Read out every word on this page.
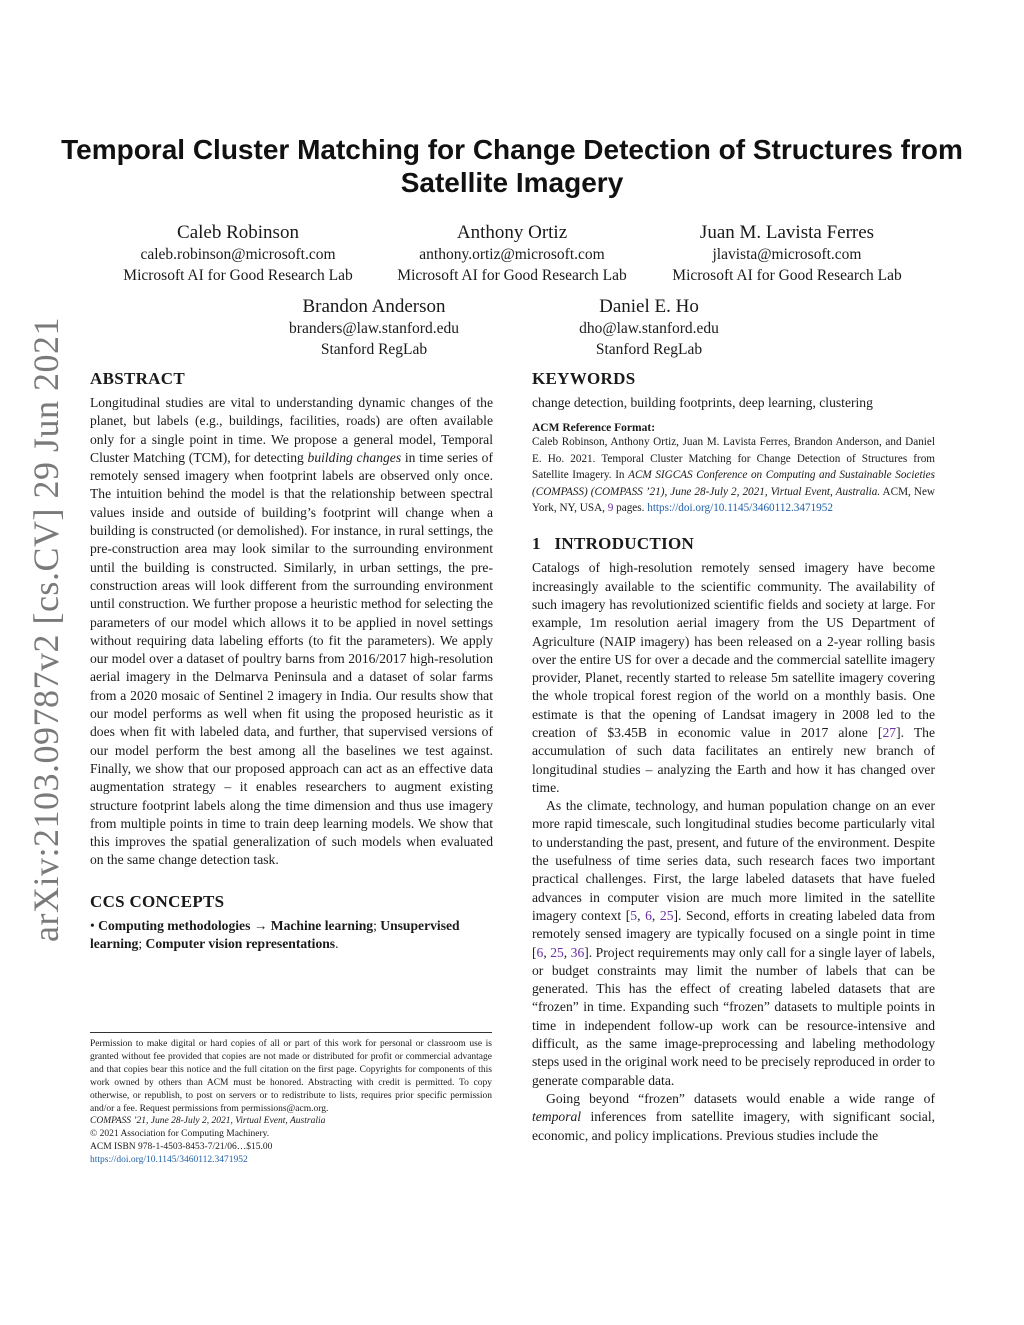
arXiv:2103.09787v2 [cs.CV] 29 Jun 2021
Temporal Cluster Matching for Change Detection of Structures from Satellite Imagery
Caleb Robinson
caleb.robinson@microsoft.com
Microsoft AI for Good Research Lab
Anthony Ortiz
anthony.ortiz@microsoft.com
Microsoft AI for Good Research Lab
Juan M. Lavista Ferres
jlavista@microsoft.com
Microsoft AI for Good Research Lab
Brandon Anderson
branders@law.stanford.edu
Stanford RegLab
Daniel E. Ho
dho@law.stanford.edu
Stanford RegLab
ABSTRACT

Longitudinal studies are vital to understanding dynamic changes of the planet, but labels (e.g., buildings, facilities, roads) are often available only for a single point in time. We propose a general model, Temporal Cluster Matching (TCM), for detecting building changes in time series of remotely sensed imagery when footprint labels are observed only once. The intuition behind the model is that the relationship between spectral values inside and outside of building’s footprint will change when a building is constructed (or demolished). For instance, in rural settings, the pre-construction area may look similar to the surrounding environment until the building is constructed. Similarly, in urban settings, the pre-construction areas will look different from the surrounding environment until construction. We further propose a heuristic method for selecting the parameters of our model which allows it to be applied in novel settings without requiring data labeling efforts (to fit the parameters). We apply our model over a dataset of poultry barns from 2016/2017 high-resolution aerial imagery in the Delmarva Peninsula and a dataset of solar farms from a 2020 mosaic of Sentinel 2 imagery in India. Our results show that our model performs as well when fit using the proposed heuristic as it does when fit with labeled data, and further, that supervised versions of our model perform the best among all the baselines we test against. Finally, we show that our proposed approach can act as an effective data augmentation strategy – it enables researchers to augment existing structure footprint labels along the time dimension and thus use imagery from multiple points in time to train deep learning models. We show that this improves the spatial generalization of such models when evaluated on the same change detection task.

CCS CONCEPTS

• Computing methodologies → Machine learning; Unsupervised learning; Computer vision representations.

Permission to make digital or hard copies of all or part of this work for personal or classroom use is granted without fee provided that copies are not made or distributed for profit or commercial advantage and that copies bear this notice and the full citation on the first page. Copyrights for components of this work owned by others than ACM must be honored. Abstracting with credit is permitted. To copy otherwise, or republish, to post on servers or to redistribute to lists, requires prior specific permission and/or a fee. Request permissions from permissions@acm.org.

COMPASS ’21, June 28-July 2, 2021, Virtual Event, Australia

© 2021 Association for Computing Machinery.

ACM ISBN 978-1-4503-8453-7/21/06…$15.00

https://doi.org/10.1145/3460112.3471952

KEYWORDS
change detection, building footprints, deep learning, clustering
ACM Reference Format:
Caleb Robinson, Anthony Ortiz, Juan M. Lavista Ferres, Brandon Anderson, and Daniel E. Ho. 2021. Temporal Cluster Matching for Change Detection of Structures from Satellite Imagery. In ACM SIGCAS Conference on Computing and Sustainable Societies (COMPASS) (COMPASS ’21), June 28-July 2, 2021, Virtual Event, Australia. ACM, New York, NY, USA, 9 pages. https://doi.org/10.1145/3460112.3471952
1 INTRODUCTION

Catalogs of high-resolution remotely sensed imagery have become increasingly available to the scientific community. The availability of such imagery has revolutionized scientific fields and society at large. For example, 1m resolution aerial imagery from the US Department of Agriculture (NAIP imagery) has been released on a 2-year rolling basis over the entire US for over a decade and the commercial satellite imagery provider, Planet, recently started to release 5m satellite imagery covering the whole tropical forest region of the world on a monthly basis. One estimate is that the opening of Landsat imagery in 2008 led to the creation of $3.45B in economic value in 2017 alone [27]. The accumulation of such data facilitates an entirely new branch of longitudinal studies – analyzing the Earth and how it has changed over time.

As the climate, technology, and human population change on an ever more rapid timescale, such longitudinal studies become particularly vital to understanding the past, present, and future of the environment. Despite the usefulness of time series data, such research faces two important practical challenges. First, the large labeled datasets that have fueled advances in computer vision are much more limited in the satellite imagery context [5, 6, 25]. Second, efforts in creating labeled data from remotely sensed imagery are typically focused on a single point in time [6, 25, 36]. Project requirements may only call for a single layer of labels, or budget constraints may limit the number of labels that can be generated. This has the effect of creating labeled datasets that are “frozen” in time. Expanding such “frozen” datasets to multiple points in time in independent follow-up work can be resource-intensive and difficult, as the same image-preprocessing and labeling methodology steps used in the original work need to be precisely reproduced in order to generate comparable data.

Going beyond “frozen” datasets would enable a wide range of temporal inferences from satellite imagery, with significant social, economic, and policy implications. Previous studies include the
